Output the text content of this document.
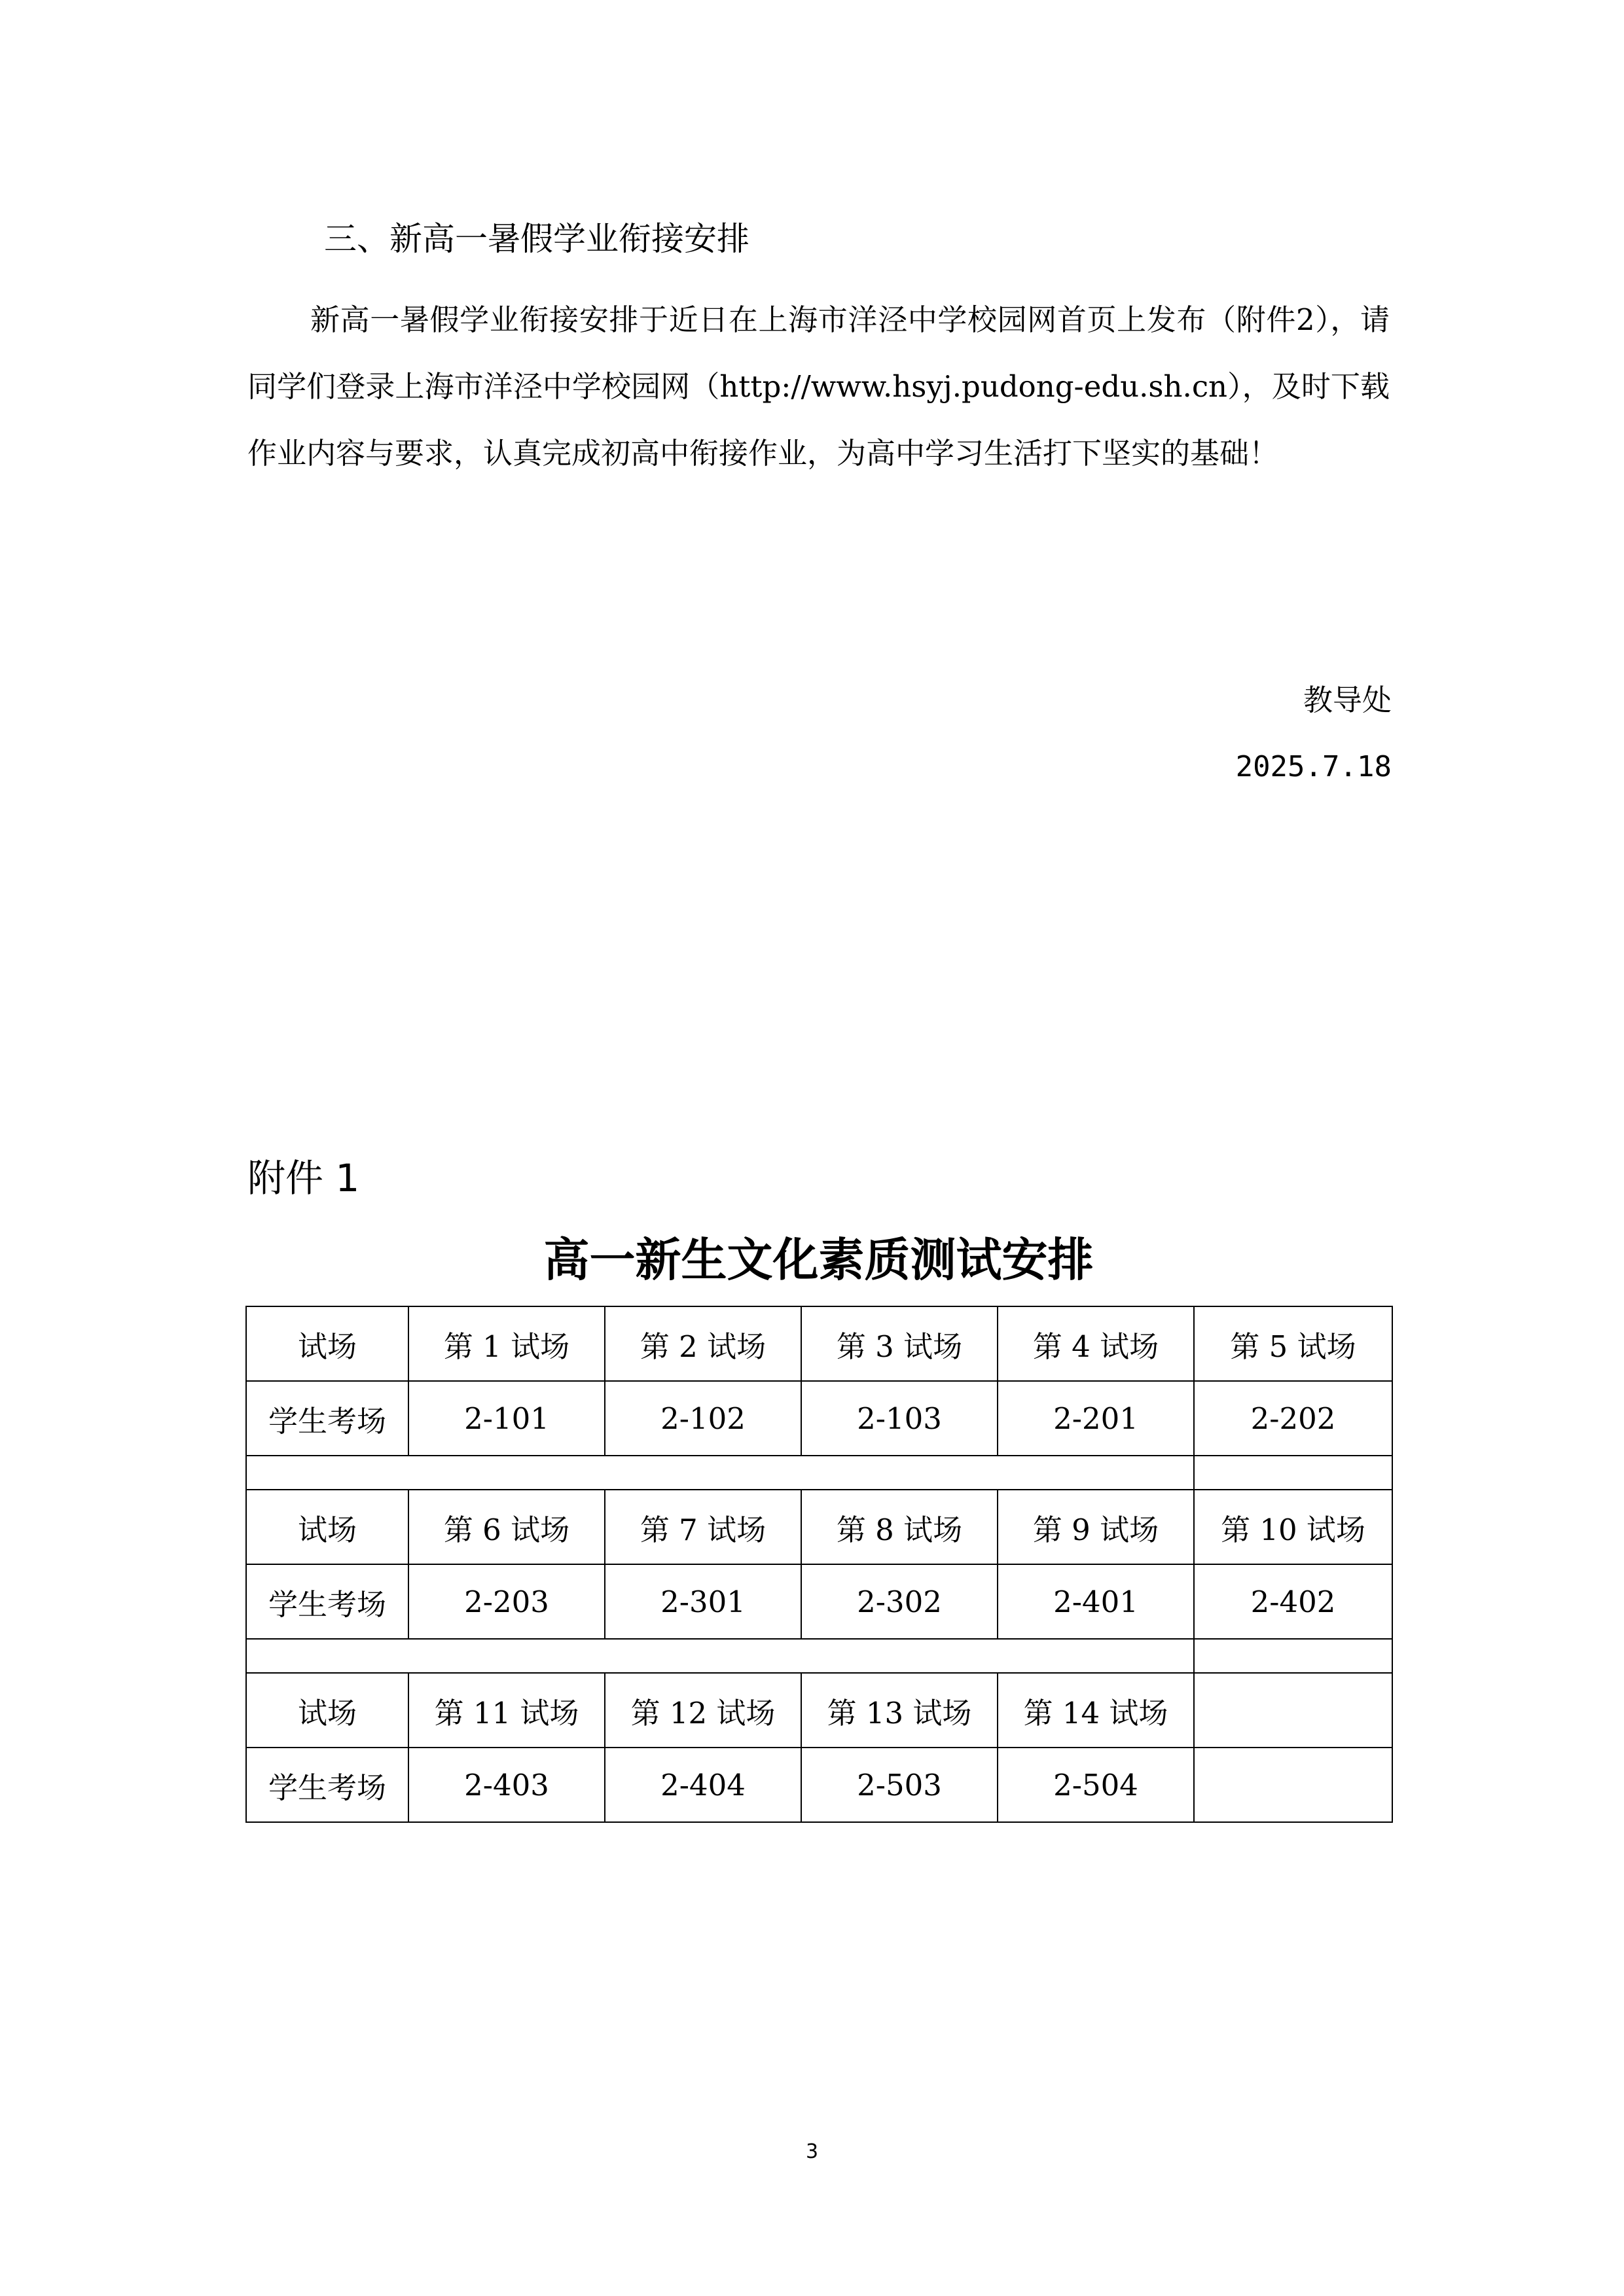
三、新高一暑假学业衔接安排
新高一暑假学业衔接安排于近日在上海市洋泾中学校园网首页上发布（附件2），请同学们登录上海市洋泾中学校园网（http://www.hsyj.pudong-edu.sh.cn），及时下载作业内容与要求，认真完成初高中衔接作业，为高中学习生活打下坚实的基础！
教导处
2025.7.18
附件 1
高一新生文化素质测试安排
试场	第 1 试场	第 2 试场	第 3 试场	第 4 试场	第 5 试场
学生考场	2-101	2-102	2-103	2-201	2-202

试场	第 6 试场	第 7 试场	第 8 试场	第 9 试场	第 10 试场
学生考场	2-203	2-301	2-302	2-401	2-402

试场	第 11 试场	第 12 试场	第 13 试场	第 14 试场	
学生考场	2-403	2-404	2-503	2-504	
3
